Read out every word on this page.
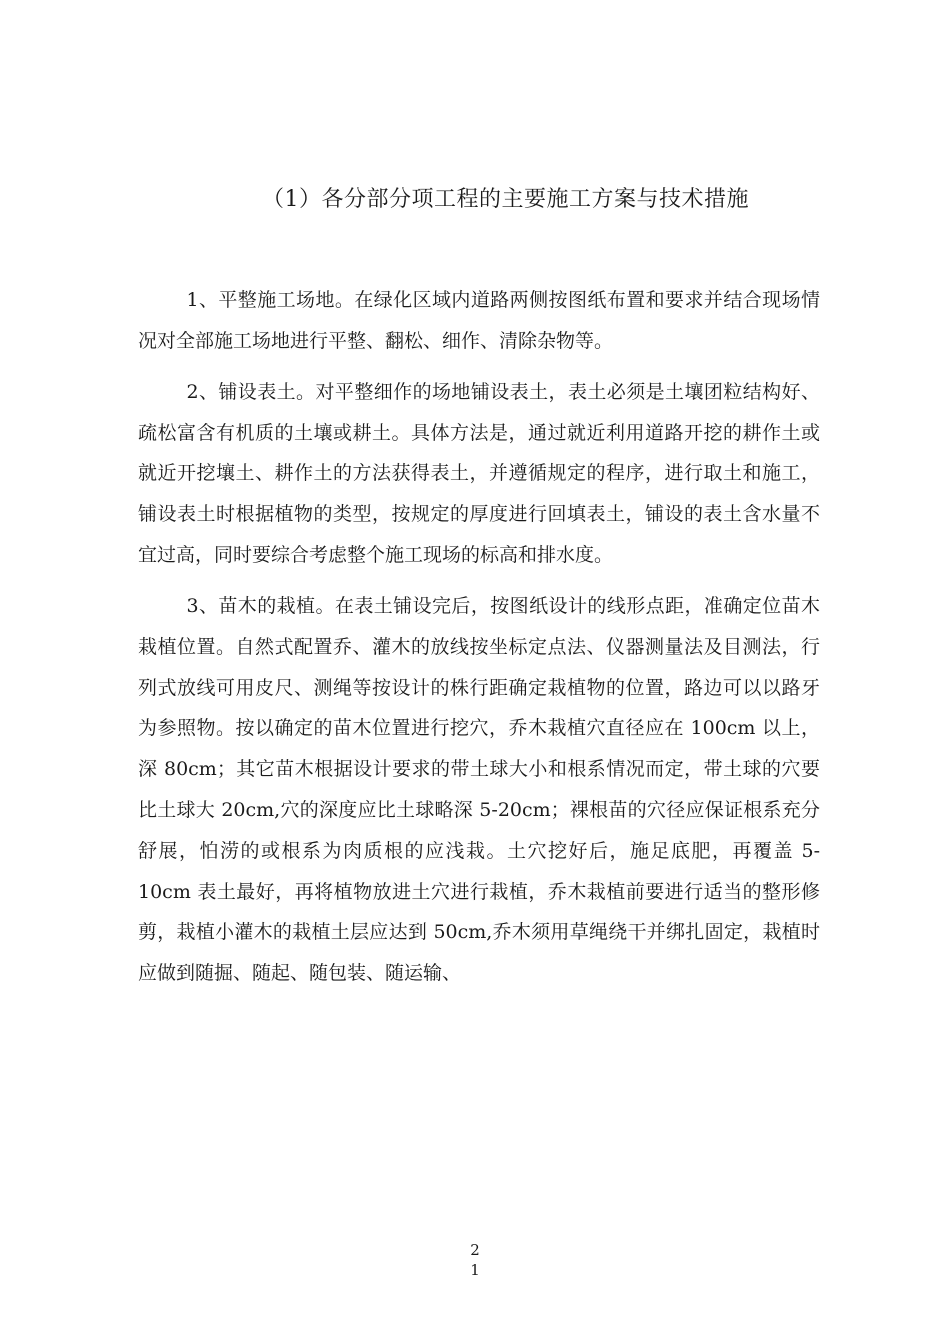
（1）各分部分项工程的主要施工方案与技术措施

1、平整施工场地。在绿化区域内道路两侧按图纸布置和要求并结合现场情况对全部施工场地进行平整、翻松、细作、清除杂物等。

2、铺设表土。对平整细作的场地铺设表土，表土必须是土壤团粒结构好、疏松富含有机质的土壤或耕土。具体方法是，通过就近利用道路开挖的耕作土或就近开挖壤土、耕作土的方法获得表土，并遵循规定的程序，进行取土和施工，铺设表土时根据植物的类型，按规定的厚度进行回填表土，铺设的表土含水量不宜过高，同时要综合考虑整个施工现场的标高和排水度。

3、苗木的栽植。在表土铺设完后，按图纸设计的线形点距，准确定位苗木栽植位置。自然式配置乔、灌木的放线按坐标定点法、仪器测量法及目测法，行列式放线可用皮尺、测绳等按设计的株行距确定栽植物的位置，路边可以以路牙为参照物。按以确定的苗木位置进行挖穴，乔木栽植穴直径应在 100cm 以上，深 80cm；其它苗木根据设计要求的带土球大小和根系情况而定，带土球的穴要比土球大 20cm,穴的深度应比土球略深 5-20cm；裸根苗的穴径应保证根系充分舒展，怕涝的或根系为肉质根的应浅栽。土穴挖好后，施足底肥，再覆盖 5-10cm 表土最好，再将植物放进土穴进行栽植，乔木栽植前要进行适当的整形修剪，栽植小灌木的栽植土层应达到 50cm,乔木须用草绳绕干并绑扎固定，栽植时应做到随掘、随起、随包装、随运输、

2
1
